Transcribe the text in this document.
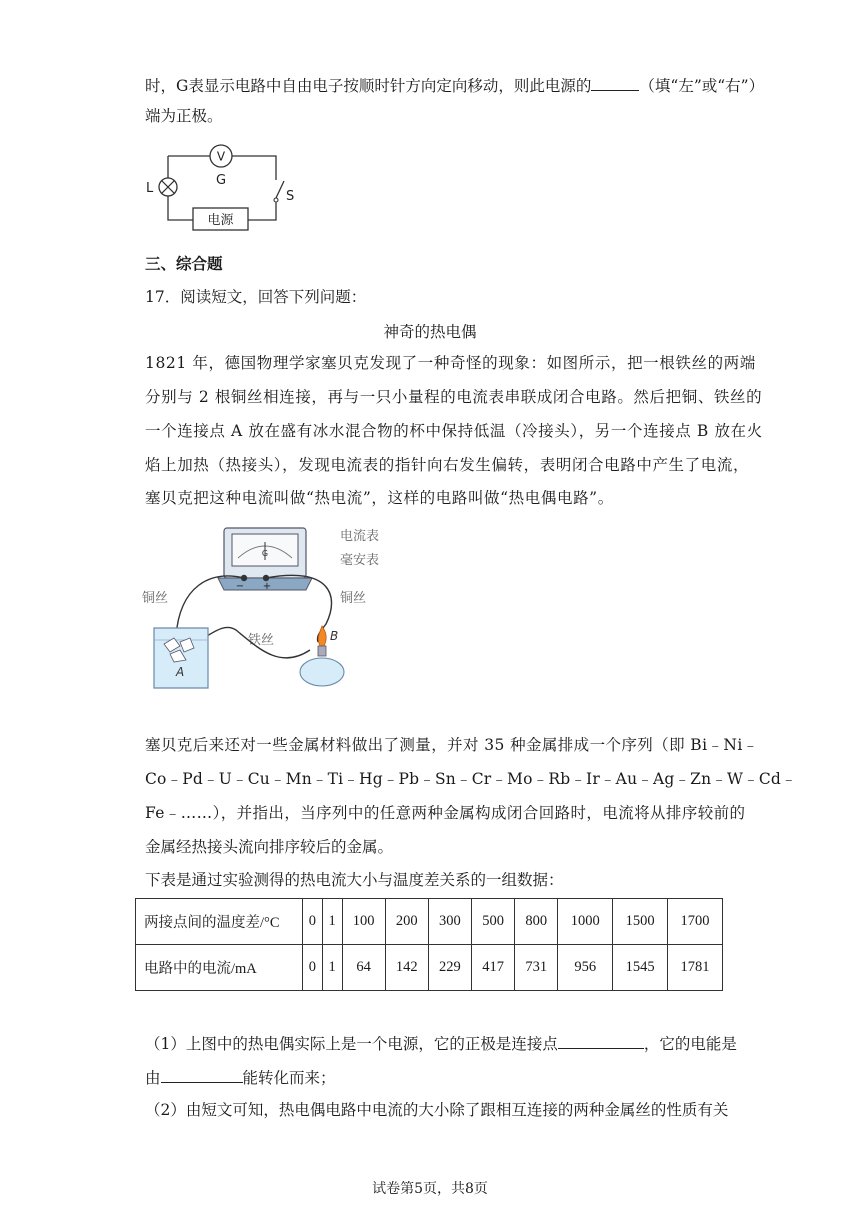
时，G表显示电路中自由电子按顺时针方向定向移动，则此电源的	（填“左”或“右”）
端为正极。
V
G
L
S
电源
三、综合题
17．阅读短文，回答下列问题：
神奇的热电偶
1821 年，德国物理学家塞贝克发现了一种奇怪的现象：如图所示，把一根铁丝的两端
分别与 2 根铜丝相连接，再与一只小量程的电流表串联成闭合电路。然后把铜、铁丝的
一个连接点 A 放在盛有冰水混合物的杯中保持低温（冷接头），另一个连接点 B 放在火
焰上加热（热接头），发现电流表的指针向右发生偏转，表明闭合电路中产生了电流，
塞贝克把这种电流叫做“热电流”，这样的电路叫做“热电偶电路”。
G
− +
电流表
毫安表
铜丝	铜丝
铁丝
A
B
塞贝克后来还对一些金属材料做出了测量，并对 35 种金属排成一个序列（即 Bi﹣Ni﹣
Co﹣Pd﹣U﹣Cu﹣Mn﹣Ti﹣Hg﹣Pb﹣Sn﹣Cr﹣Mo﹣Rb﹣Ir﹣Au﹣Ag﹣Zn﹣W﹣Cd﹣
Fe﹣……），并指出，当序列中的任意两种金属构成闭合回路时，电流将从排序较前的
金属经热接头流向排序较后的金属。
下表是通过实验测得的热电流大小与温度差关系的一组数据：
两接点间的温度差/°C	0	1	100	200	300	500	800	1000	1500	1700
电路中的电流/mA	0	1	64	142	229	417	731	956	1545	1781
（1）上图中的热电偶实际上是一个电源，它的正极是连接点	，它的电能是
由	能转化而来；
（2）由短文可知，热电偶电路中电流的大小除了跟相互连接的两种金属丝的性质有关
试卷第5页，共8页
